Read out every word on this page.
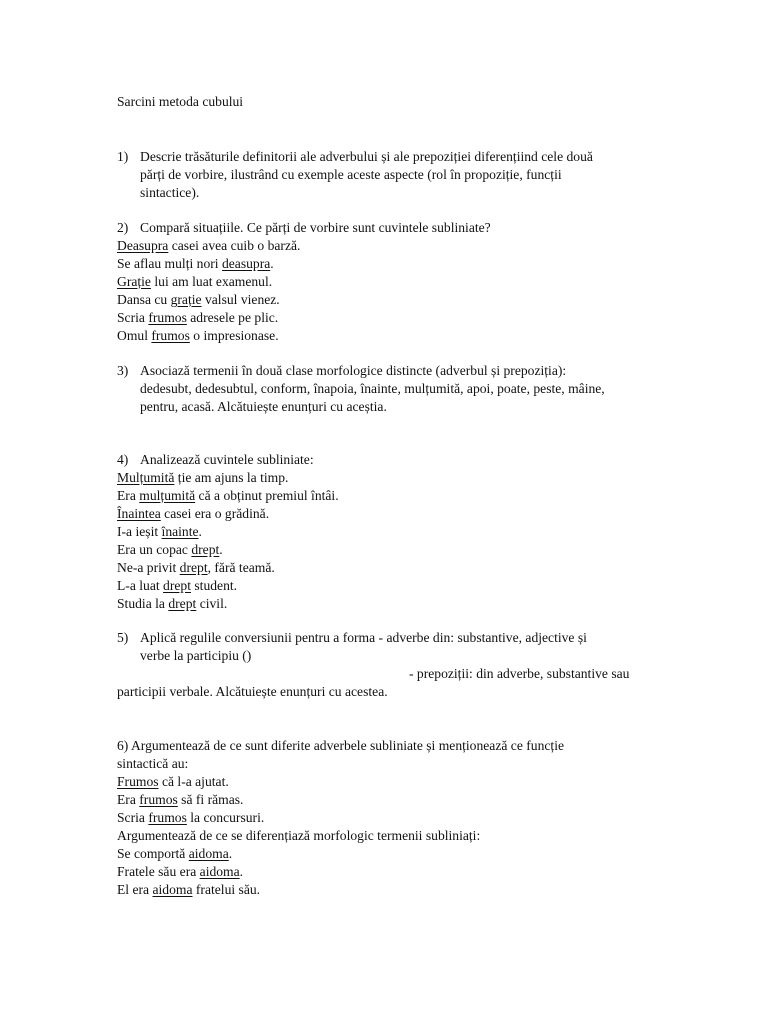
Sarcini metoda cubului
1) Descrie trăsăturile definitorii ale adverbului și ale prepoziției diferențiind cele două
părți de vorbire, ilustrând cu exemple aceste aspecte (rol în propoziție, funcții
sintactice).
2) Compară situațiile. Ce părți de vorbire sunt cuvintele subliniate?
Deasupra casei avea cuib o barză.
Se aflau mulți nori deasupra.
Grație lui am luat examenul.
Dansa cu grație valsul vienez.
Scria frumos adresele pe plic.
Omul frumos o impresionase.
3) Asociază termenii în două clase morfologice distincte (adverbul și prepoziția):
dedesubt, dedesubtul, conform, înapoia, înainte, mulțumită, apoi, poate, peste, mâine,
pentru, acasă. Alcătuiește enunțuri cu aceștia.
4) Analizează cuvintele subliniate:
Mulțumită ție am ajuns la timp.
Era mulțumită că a obținut premiul întâi.
Înaintea casei era o grădină.
I-a ieșit înainte.
Era un copac drept.
Ne-a privit drept, fără teamă.
L-a luat drept student.
Studia la drept civil.
5) Aplică regulile conversiunii pentru a forma - adverbe din: substantive, adjective și
verbe la participiu ()
- prepoziții: din adverbe, substantive sau
participii verbale. Alcătuiește enunțuri cu acestea.
6) Argumentează de ce sunt diferite adverbele subliniate și menționează ce funcție
sintactică au:
Frumos că l-a ajutat.
Era frumos să fi rămas.
Scria frumos la concursuri.
Argumentează de ce se diferențiază morfologic termenii subliniați:
Se comportă aidoma.
Fratele său era aidoma.
El era aidoma fratelui său.
